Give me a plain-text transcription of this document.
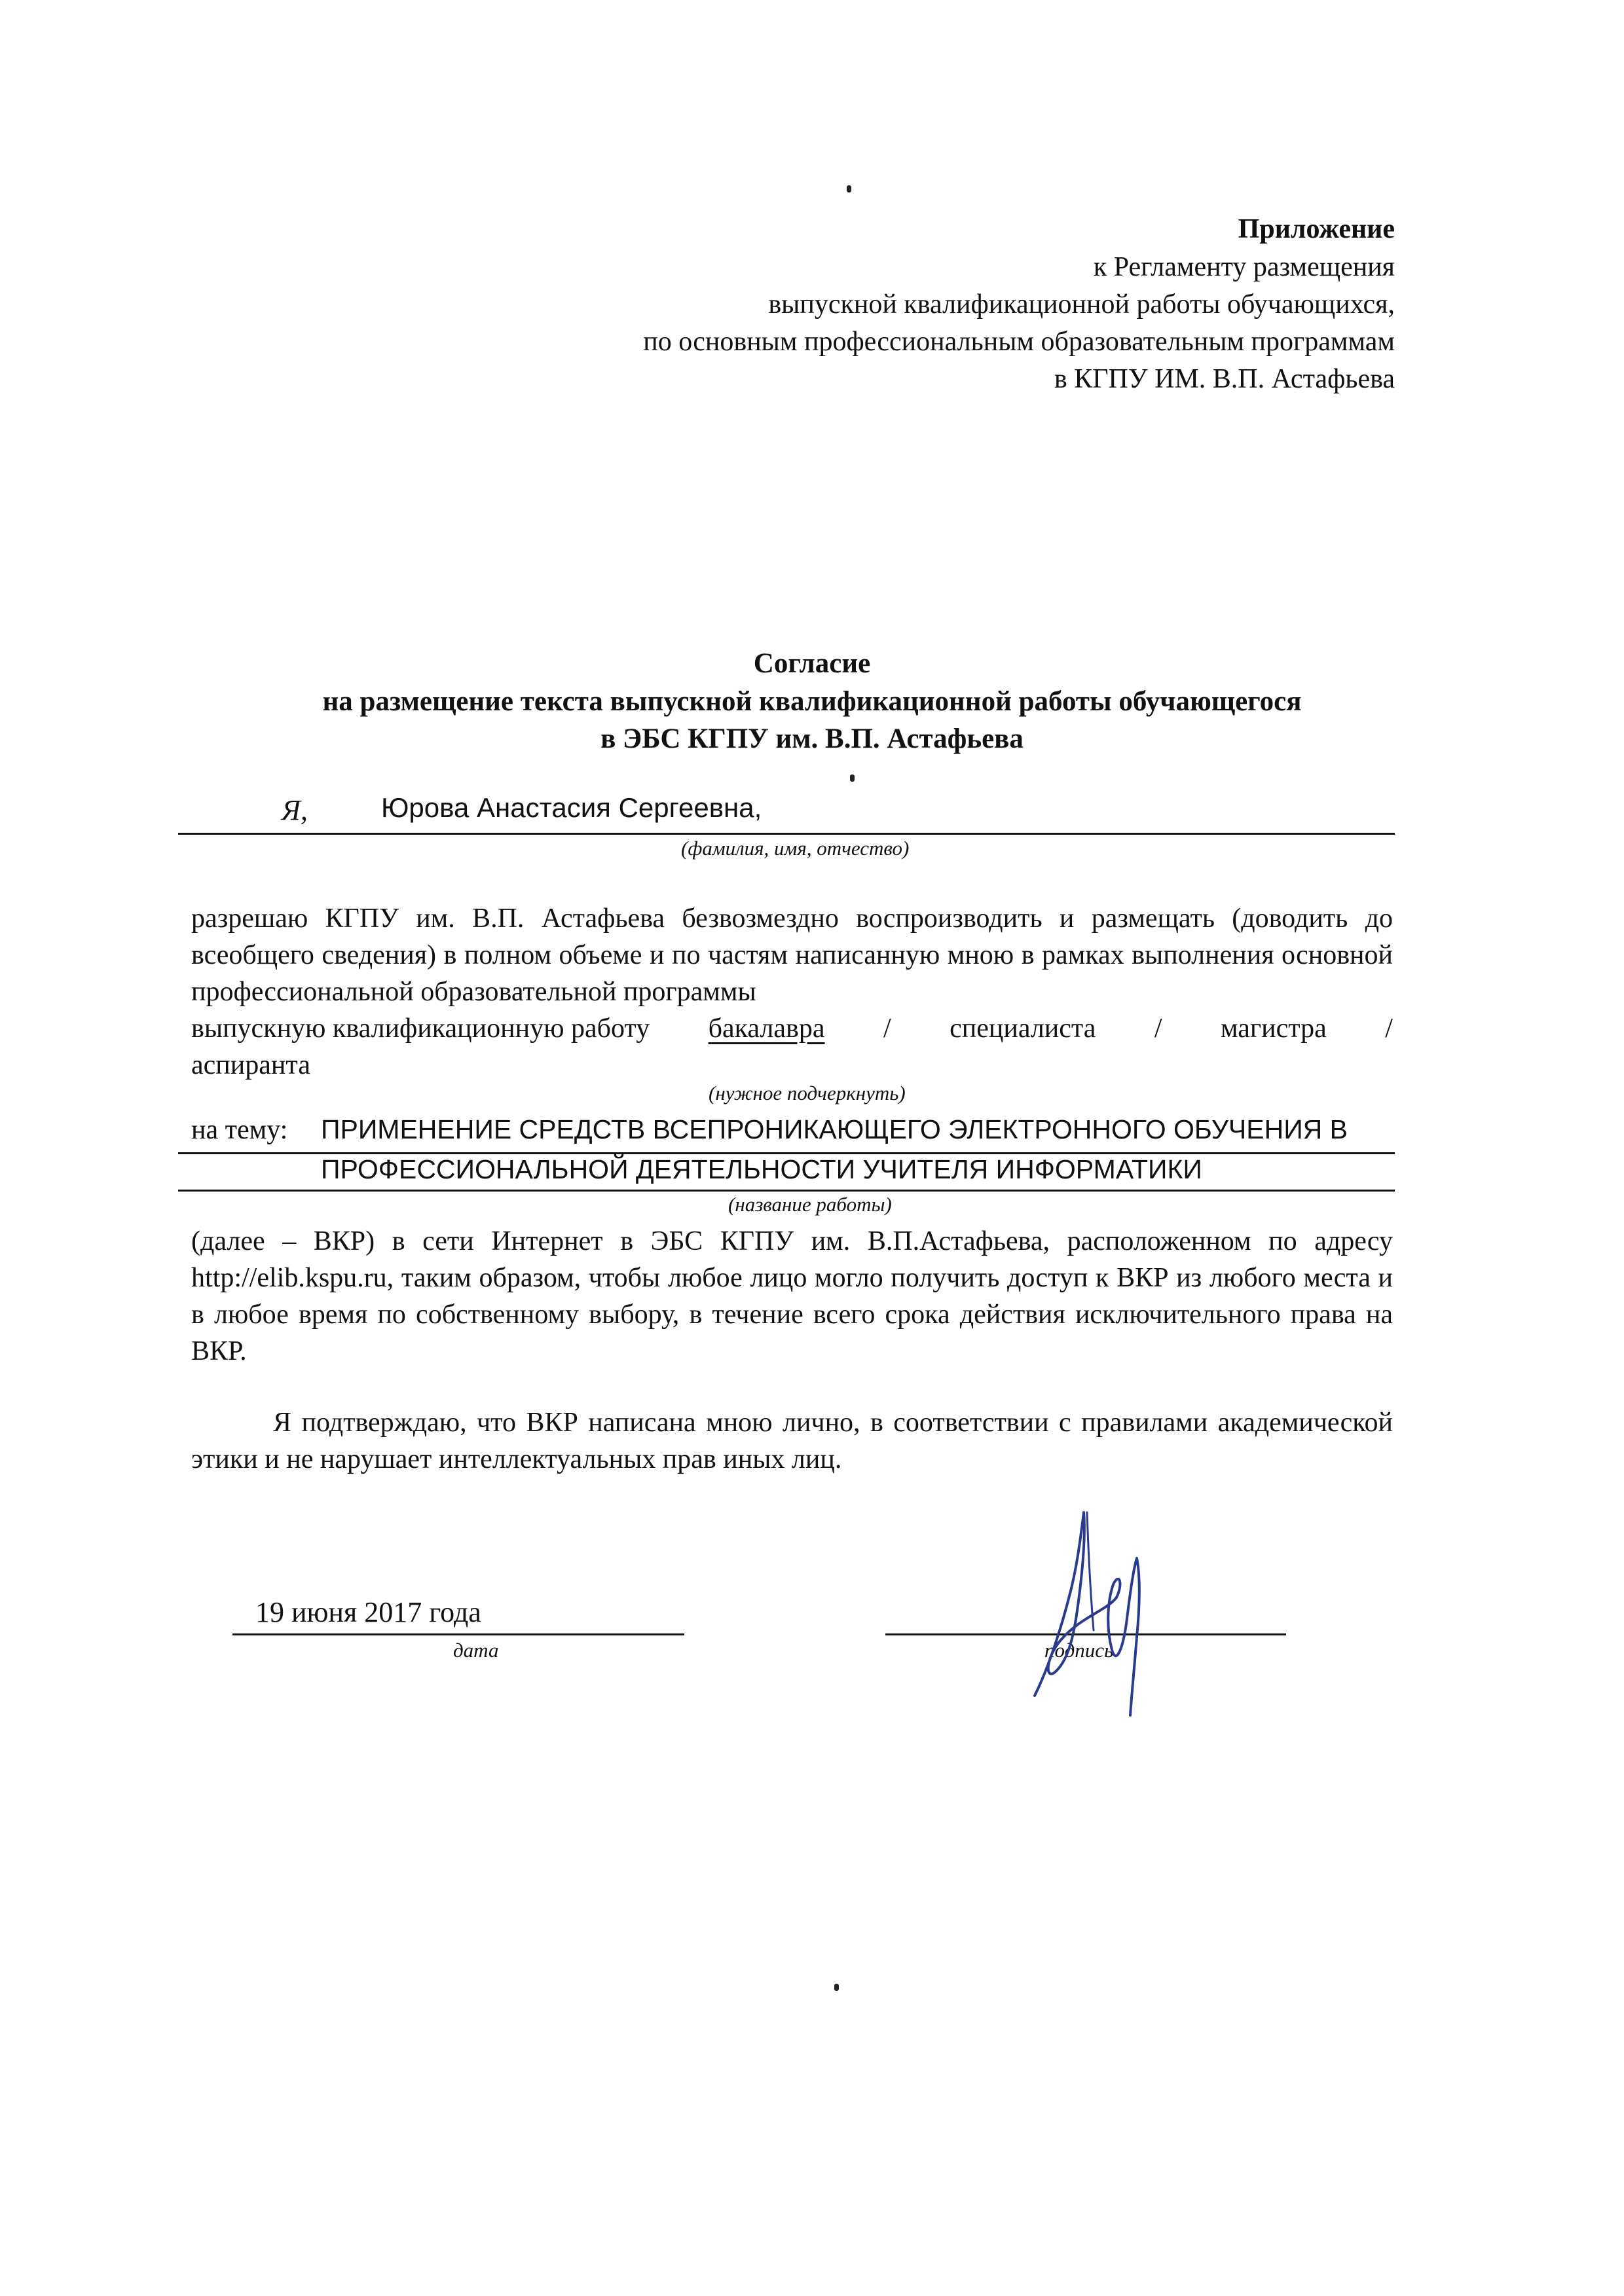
Приложение
к Регламенту размещения
выпускной квалификационной работы обучающихся,
по основным профессиональным образовательным программам
в КГПУ ИМ. В.П. Астафьева
Согласие
на размещение текста выпускной квалификационной работы обучающегося
в ЭБС КГПУ им. В.П. Астафьева
Я,	Юрова Анастасия Сергеевна,
(фамилия, имя, отчество)
разрешаю КГПУ им. В.П. Астафьева безвозмездно воспроизводить и размещать (доводить до всеобщего сведения) в полном объеме и по частям написанную мною в рамках выполнения основной профессиональной образовательной программы
выпускную квалификационную работу бакалавра / специалиста / магистра /
аспиранта
(нужное подчеркнуть)
на тему: ПРИМЕНЕНИЕ СРЕДСТВ ВСЕПРОНИКАЮЩЕГО ЭЛЕКТРОННОГО ОБУЧЕНИЯ В
ПРОФЕССИОНАЛЬНОЙ ДЕЯТЕЛЬНОСТИ УЧИТЕЛЯ ИНФОРМАТИКИ
(название работы)
(далее – ВКР) в сети Интернет в ЭБС КГПУ им. В.П.Астафьева, расположенном по адресу http://elib.kspu.ru, таким образом, чтобы любое лицо могло получить доступ к ВКР из любого места и в любое время по собственному выбору, в течение всего срока действия исключительного права на ВКР.
Я подтверждаю, что ВКР написана мною лично, в соответствии с правилами академической этики и не нарушает интеллектуальных прав иных лиц.
19 июня 2017 года
дата	подпись
